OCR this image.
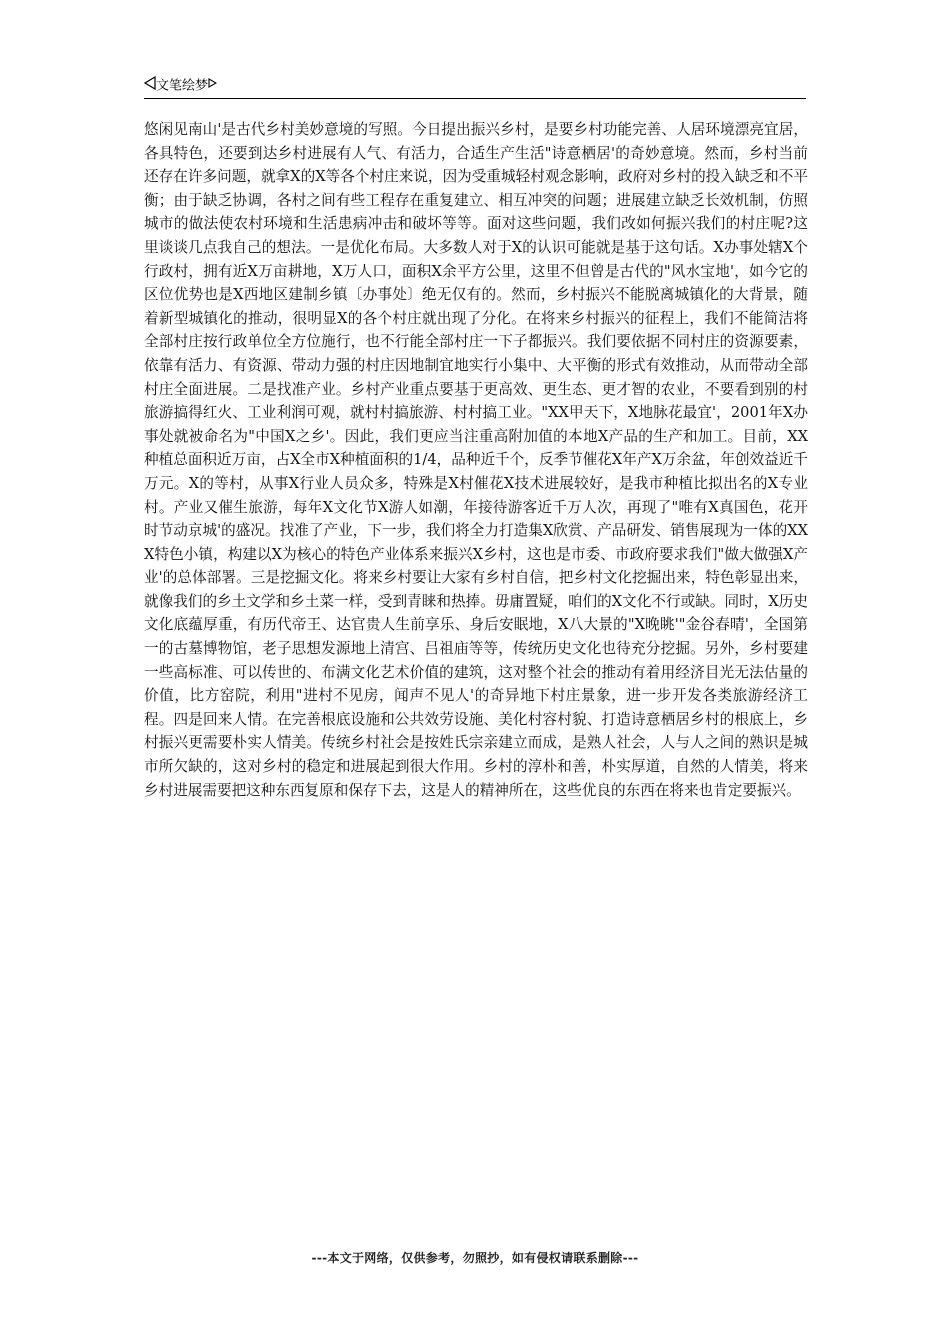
文笔绘梦

悠闲见南山'是古代乡村美妙意境的写照。今日提出振兴乡村，是要乡村功能完善、人居环境漂亮宜居，各具特色，还要到达乡村进展有人气、有活力，合适生产生活"诗意栖居'的奇妙意境。然而，乡村当前还存在许多问题，就拿X的X等各个村庄来说，因为受重城轻村观念影响，政府对乡村的投入缺乏和不平衡；由于缺乏协调，各村之间有些工程存在重复建立、相互冲突的问题；进展建立缺乏长效机制，仿照城市的做法使农村环境和生活患病冲击和破坏等等。面对这些问题，我们改如何振兴我们的村庄呢?这里谈谈几点我自己的想法。一是优化布局。大多数人对于X的认识可能就是基于这句话。X办事处辖X个行政村，拥有近X万亩耕地，X万人口，面积X余平方公里，这里不但曾是古代的"风水宝地'，如今它的区位优势也是X西地区建制乡镇〔办事处〕绝无仅有的。然而，乡村振兴不能脱离城镇化的大背景，随着新型城镇化的推动，很明显X的各个村庄就出现了分化。在将来乡村振兴的征程上，我们不能简洁将全部村庄按行政单位全方位施行，也不行能全部村庄一下子都振兴。我们要依据不同村庄的资源要素，依靠有活力、有资源、带动力强的村庄因地制宜地实行小集中、大平衡的形式有效推动，从而带动全部村庄全面进展。二是找准产业。乡村产业重点要基于更高效、更生态、更才智的农业，不要看到别的村旅游搞得红火、工业利润可观，就村村搞旅游、村村搞工业。"XX甲天下，X地脉花最宜'，2001年X办事处就被命名为"中国X之乡'。因此，我们更应当注重高附加值的本地X产品的生产和加工。目前，XX种植总面积近万亩，占X全市X种植面积的1/4，品种近千个，反季节催花X年产X万余盆，年创效益近千万元。X的等村，从事X行业人员众多，特殊是X村催花X技术进展较好，是我市种植比拟出名的X专业村。产业又催生旅游，每年X文化节X游人如潮，年接待游客近千万人次，再现了"唯有X真国色，花开时节动京城'的盛况。找准了产业，下一步，我们将全力打造集X欣赏、产品研发、销售展现为一体的XXX特色小镇，构建以X为核心的特色产业体系来振兴X乡村，这也是市委、市政府要求我们"做大做强X产业'的总体部署。三是挖掘文化。将来乡村要让大家有乡村自信，把乡村文化挖掘出来，特色彰显出来，就像我们的乡土文学和乡土菜一样，受到青睐和热捧。毋庸置疑，咱们的X文化不行或缺。同时，X历史文化底蕴厚重，有历代帝王、达官贵人生前享乐、身后安眠地，X八大景的"X晚眺'"金谷春晴'，全国第一的古墓博物馆，老子思想发源地上清宫、吕祖庙等等，传统历史文化也待充分挖掘。另外，乡村要建一些高标准、可以传世的、布满文化艺术价值的建筑，这对整个社会的推动有着用经济目光无法估量的价值，比方窑院，利用"进村不见房，闻声不见人'的奇异地下村庄景象，进一步开发各类旅游经济工程。四是回来人情。在完善根底设施和公共效劳设施、美化村容村貌、打造诗意栖居乡村的根底上，乡村振兴更需要朴实人情美。传统乡村社会是按姓氏宗亲建立而成，是熟人社会，人与人之间的熟识是城市所欠缺的，这对乡村的稳定和进展起到很大作用。乡村的淳朴和善，朴实厚道，自然的人情美，将来乡村进展需要把这种东西复原和保存下去，这是人的精神所在，这些优良的东西在将来也肯定要振兴。

---本文于网络，仅供参考，勿照抄，如有侵权请联系删除---
